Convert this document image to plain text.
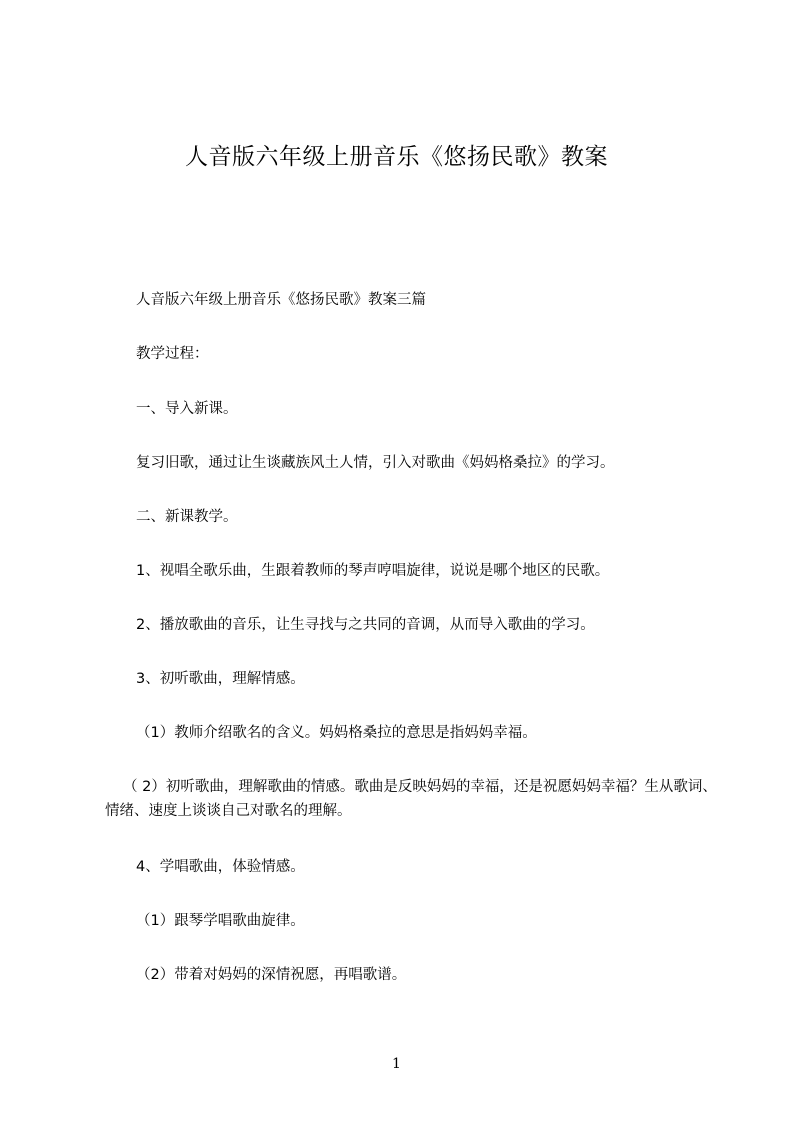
人音版六年级上册音乐《悠扬民歌》教案
人音版六年级上册音乐《悠扬民歌》教案三篇
教学过程：
一、导入新课。
复习旧歌，通过让生谈藏族风土人情，引入对歌曲《妈妈格桑拉》的学习。
二、新课教学。
1、视唱全歌乐曲，生跟着教师的琴声哼唱旋律，说说是哪个地区的民歌。
2、播放歌曲的音乐，让生寻找与之共同的音调，从而导入歌曲的学习。
3、初听歌曲，理解情感。
（1）教师介绍歌名的含义。妈妈格桑拉的意思是指妈妈幸福。
（ 2）初听歌曲，理解歌曲的情感。歌曲是反映妈妈的幸福，还是祝愿妈妈幸福？生从歌词、情绪、速度上谈谈自己对歌名的理解。
4、学唱歌曲，体验情感。
（1）跟琴学唱歌曲旋律。
（2）带着对妈妈的深情祝愿，再唱歌谱。
1
